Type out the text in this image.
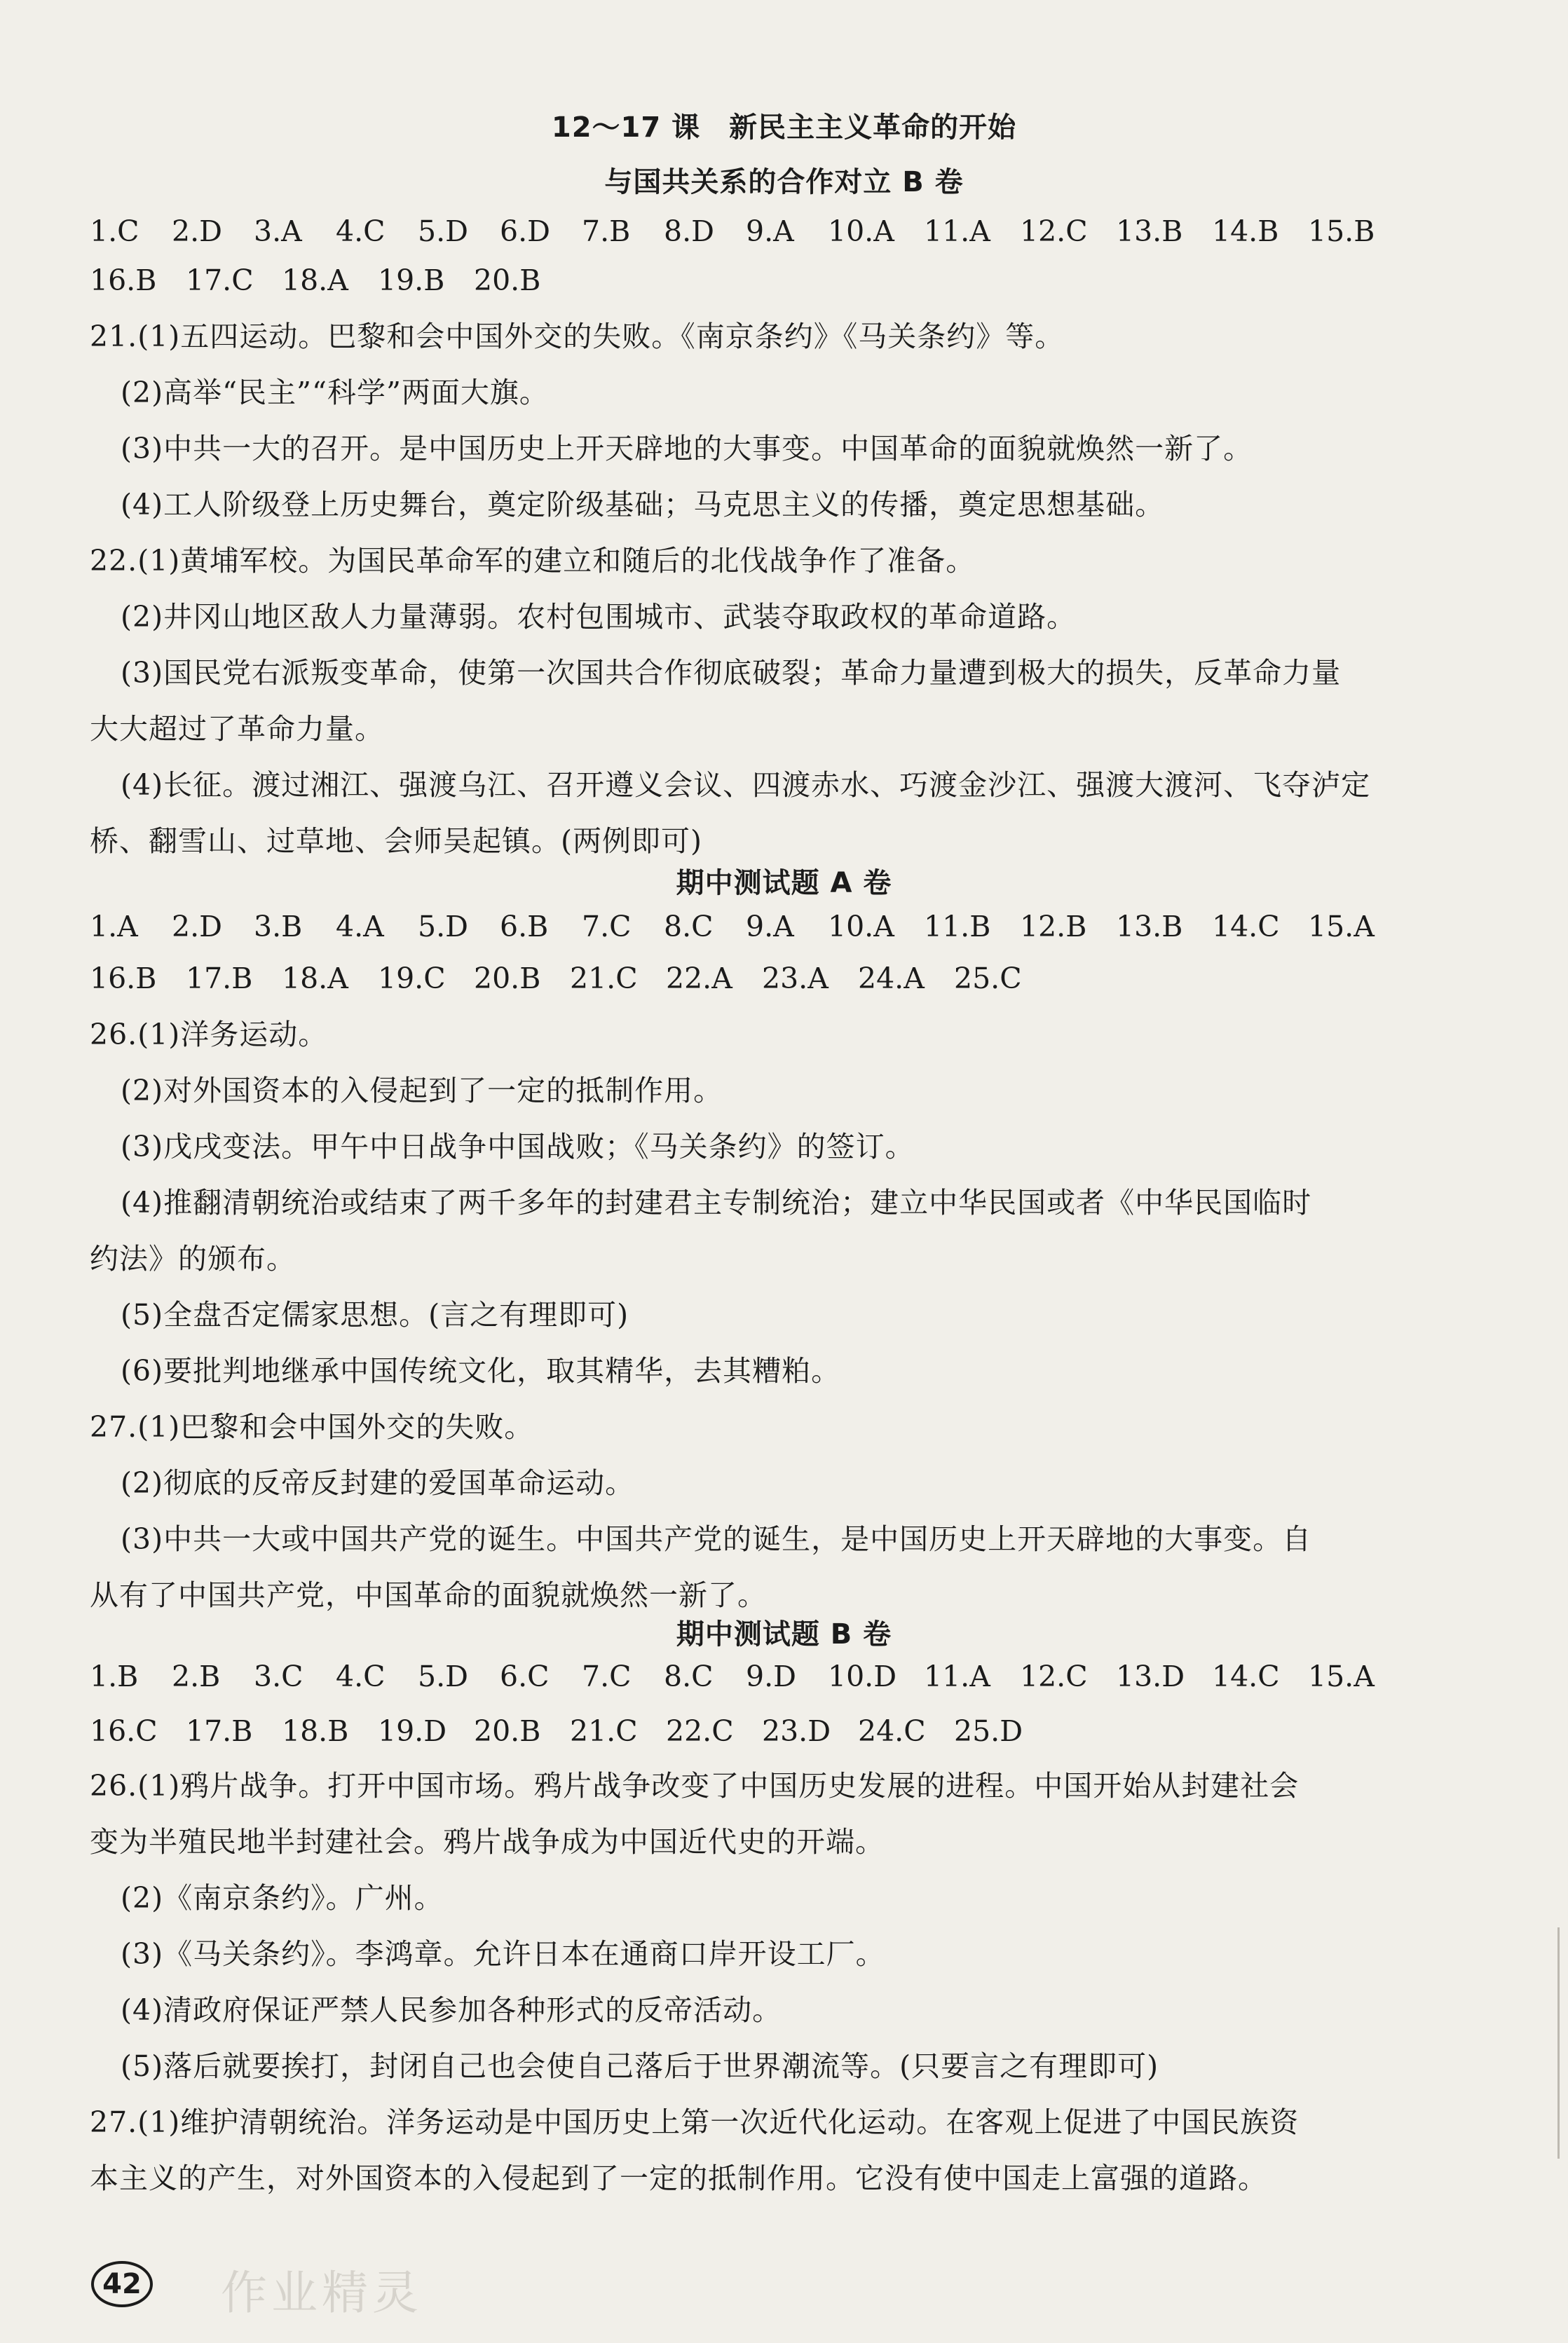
12～17 课　新民主主义革命的开始
与国共关系的合作对立 B 卷
1.C	2.D	3.A	4.C	5.D	6.D	7.B	8.D	9.A	10.A	11.A	12.C 13.B	14.B	15.B
16.B	17.C 18.A	19.B	20.B
21.(1)五四运动。巴黎和会中国外交的失败。《南京条约》《马关条约》等。
(2)高举“民主”“科学”两面大旗。
(3)中共一大的召开。是中国历史上开天辟地的大事变。中国革命的面貌就焕然一新了。
(4)工人阶级登上历史舞台，奠定阶级基础；马克思主义的传播，奠定思想基础。
22.(1)黄埔军校。为国民革命军的建立和随后的北伐战争作了准备。
(2)井冈山地区敌人力量薄弱。农村包围城市、武装夺取政权的革命道路。
(3)国民党右派叛变革命，使第一次国共合作彻底破裂；革命力量遭到极大的损失，反革命力量
大大超过了革命力量。
(4)长征。渡过湘江、强渡乌江、召开遵义会议、四渡赤水、巧渡金沙江、强渡大渡河、飞夺泸定
桥、翻雪山、过草地、会师吴起镇。(两例即可)
期中测试题 A 卷
1.A	2.D	3.B	4.A	5.D	6.B	7.C	8.C	9.A	10.A	11.B	12.B	13.B	14.C 15.A
16.B	17.B	18.A	19.C 20.B	21.C 22.A	23.A	24.A	25.C
26.(1)洋务运动。
(2)对外国资本的入侵起到了一定的抵制作用。
(3)戊戌变法。甲午中日战争中国战败；《马关条约》的签订。
(4)推翻清朝统治或结束了两千多年的封建君主专制统治；建立中华民国或者《中华民国临时
约法》的颁布。
(5)全盘否定儒家思想。(言之有理即可)
(6)要批判地继承中国传统文化，取其精华，去其糟粕。
27.(1)巴黎和会中国外交的失败。
(2)彻底的反帝反封建的爱国革命运动。
(3)中共一大或中国共产党的诞生。中国共产党的诞生，是中国历史上开天辟地的大事变。自
从有了中国共产党，中国革命的面貌就焕然一新了。
期中测试题 B 卷
1.B	2.B	3.C	4.C	5.D	6.C	7.C	8.C	9.D	10.D 11.A	12.C 13.D 14.C 15.A
16.C 17.B	18.B	19.D 20.B	21.C 22.C 23.D 24.C 25.D
26.(1)鸦片战争。打开中国市场。鸦片战争改变了中国历史发展的进程。中国开始从封建社会
变为半殖民地半封建社会。鸦片战争成为中国近代史的开端。
(2)《南京条约》。广州。
(3)《马关条约》。李鸿章。允许日本在通商口岸开设工厂。
(4)清政府保证严禁人民参加各种形式的反帝活动。
(5)落后就要挨打，封闭自己也会使自己落后于世界潮流等。(只要言之有理即可)
27.(1)维护清朝统治。洋务运动是中国历史上第一次近代化运动。在客观上促进了中国民族资
本主义的产生，对外国资本的入侵起到了一定的抵制作用。它没有使中国走上富强的道路。
42 作业精灵
